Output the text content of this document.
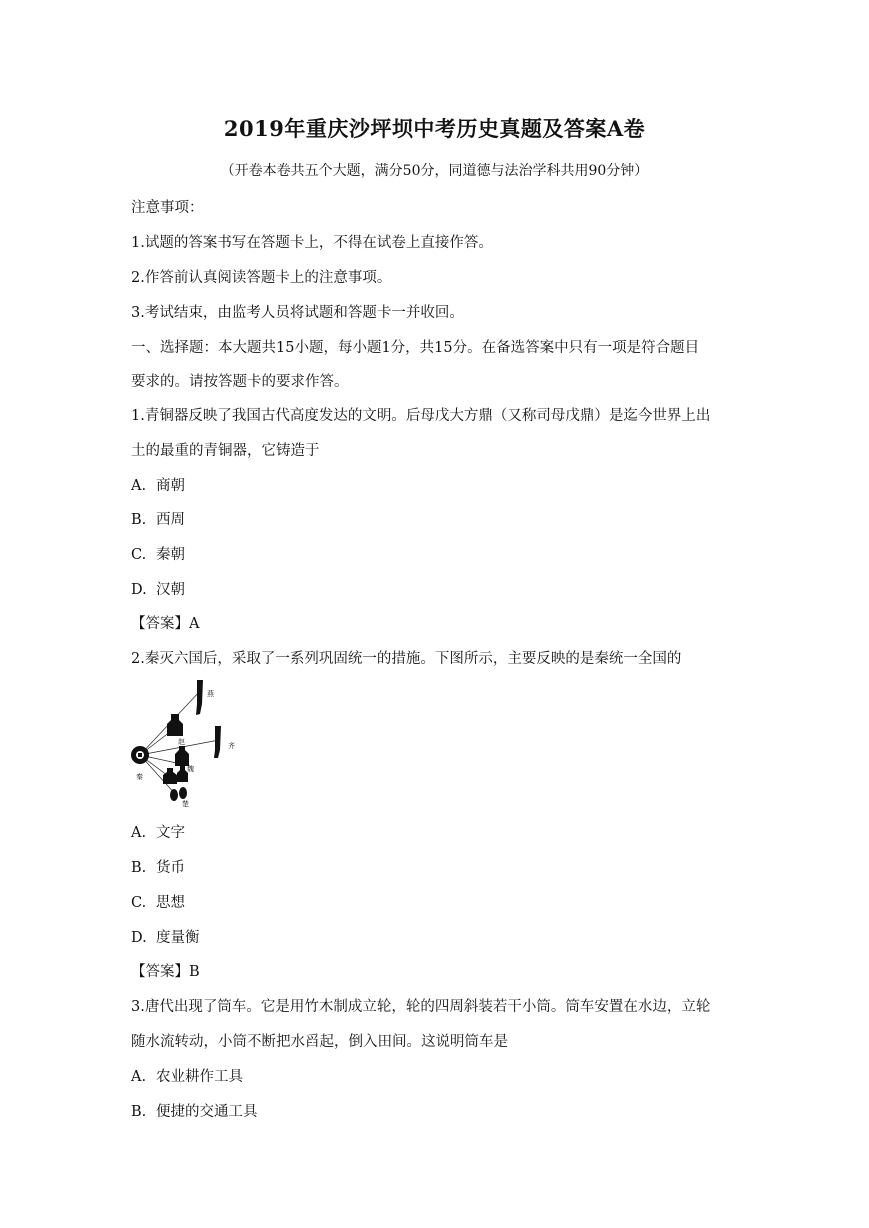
2019年重庆沙坪坝中考历史真题及答案A卷
（开卷本卷共五个大题，满分50分，同道德与法治学科共用90分钟）
注意事项：
1.试题的答案书写在答题卡上，不得在试卷上直接作答。
2.作答前认真阅读答题卡上的注意事项。
3.考试结束，由监考人员将试题和答题卡一并收回。
一、选择题：本大题共15小题，每小题1分，共15分。在备选答案中只有一项是符合题目
要求的。请按答题卡的要求作答。
1.青铜器反映了我国古代高度发达的文明。后母戊大方鼎（又称司母戊鼎）是迄今世界上出
土的最重的青铜器，它铸造于
A. 商朝
B. 西周
C. 秦朝
D. 汉朝
【答案】A
2.秦灭六国后，采取了一系列巩固统一的措施。下图所示，主要反映的是秦统一全国的
燕
赵	齐
秦
魏
韩
楚
A. 文字
B. 货币
C. 思想
D. 度量衡
【答案】B
3.唐代出现了筒车。它是用竹木制成立轮，轮的四周斜装若干小筒。筒车安置在水边，立轮
随水流转动，小筒不断把水舀起，倒入田间。这说明筒车是
A. 农业耕作工具
B. 便捷的交通工具
